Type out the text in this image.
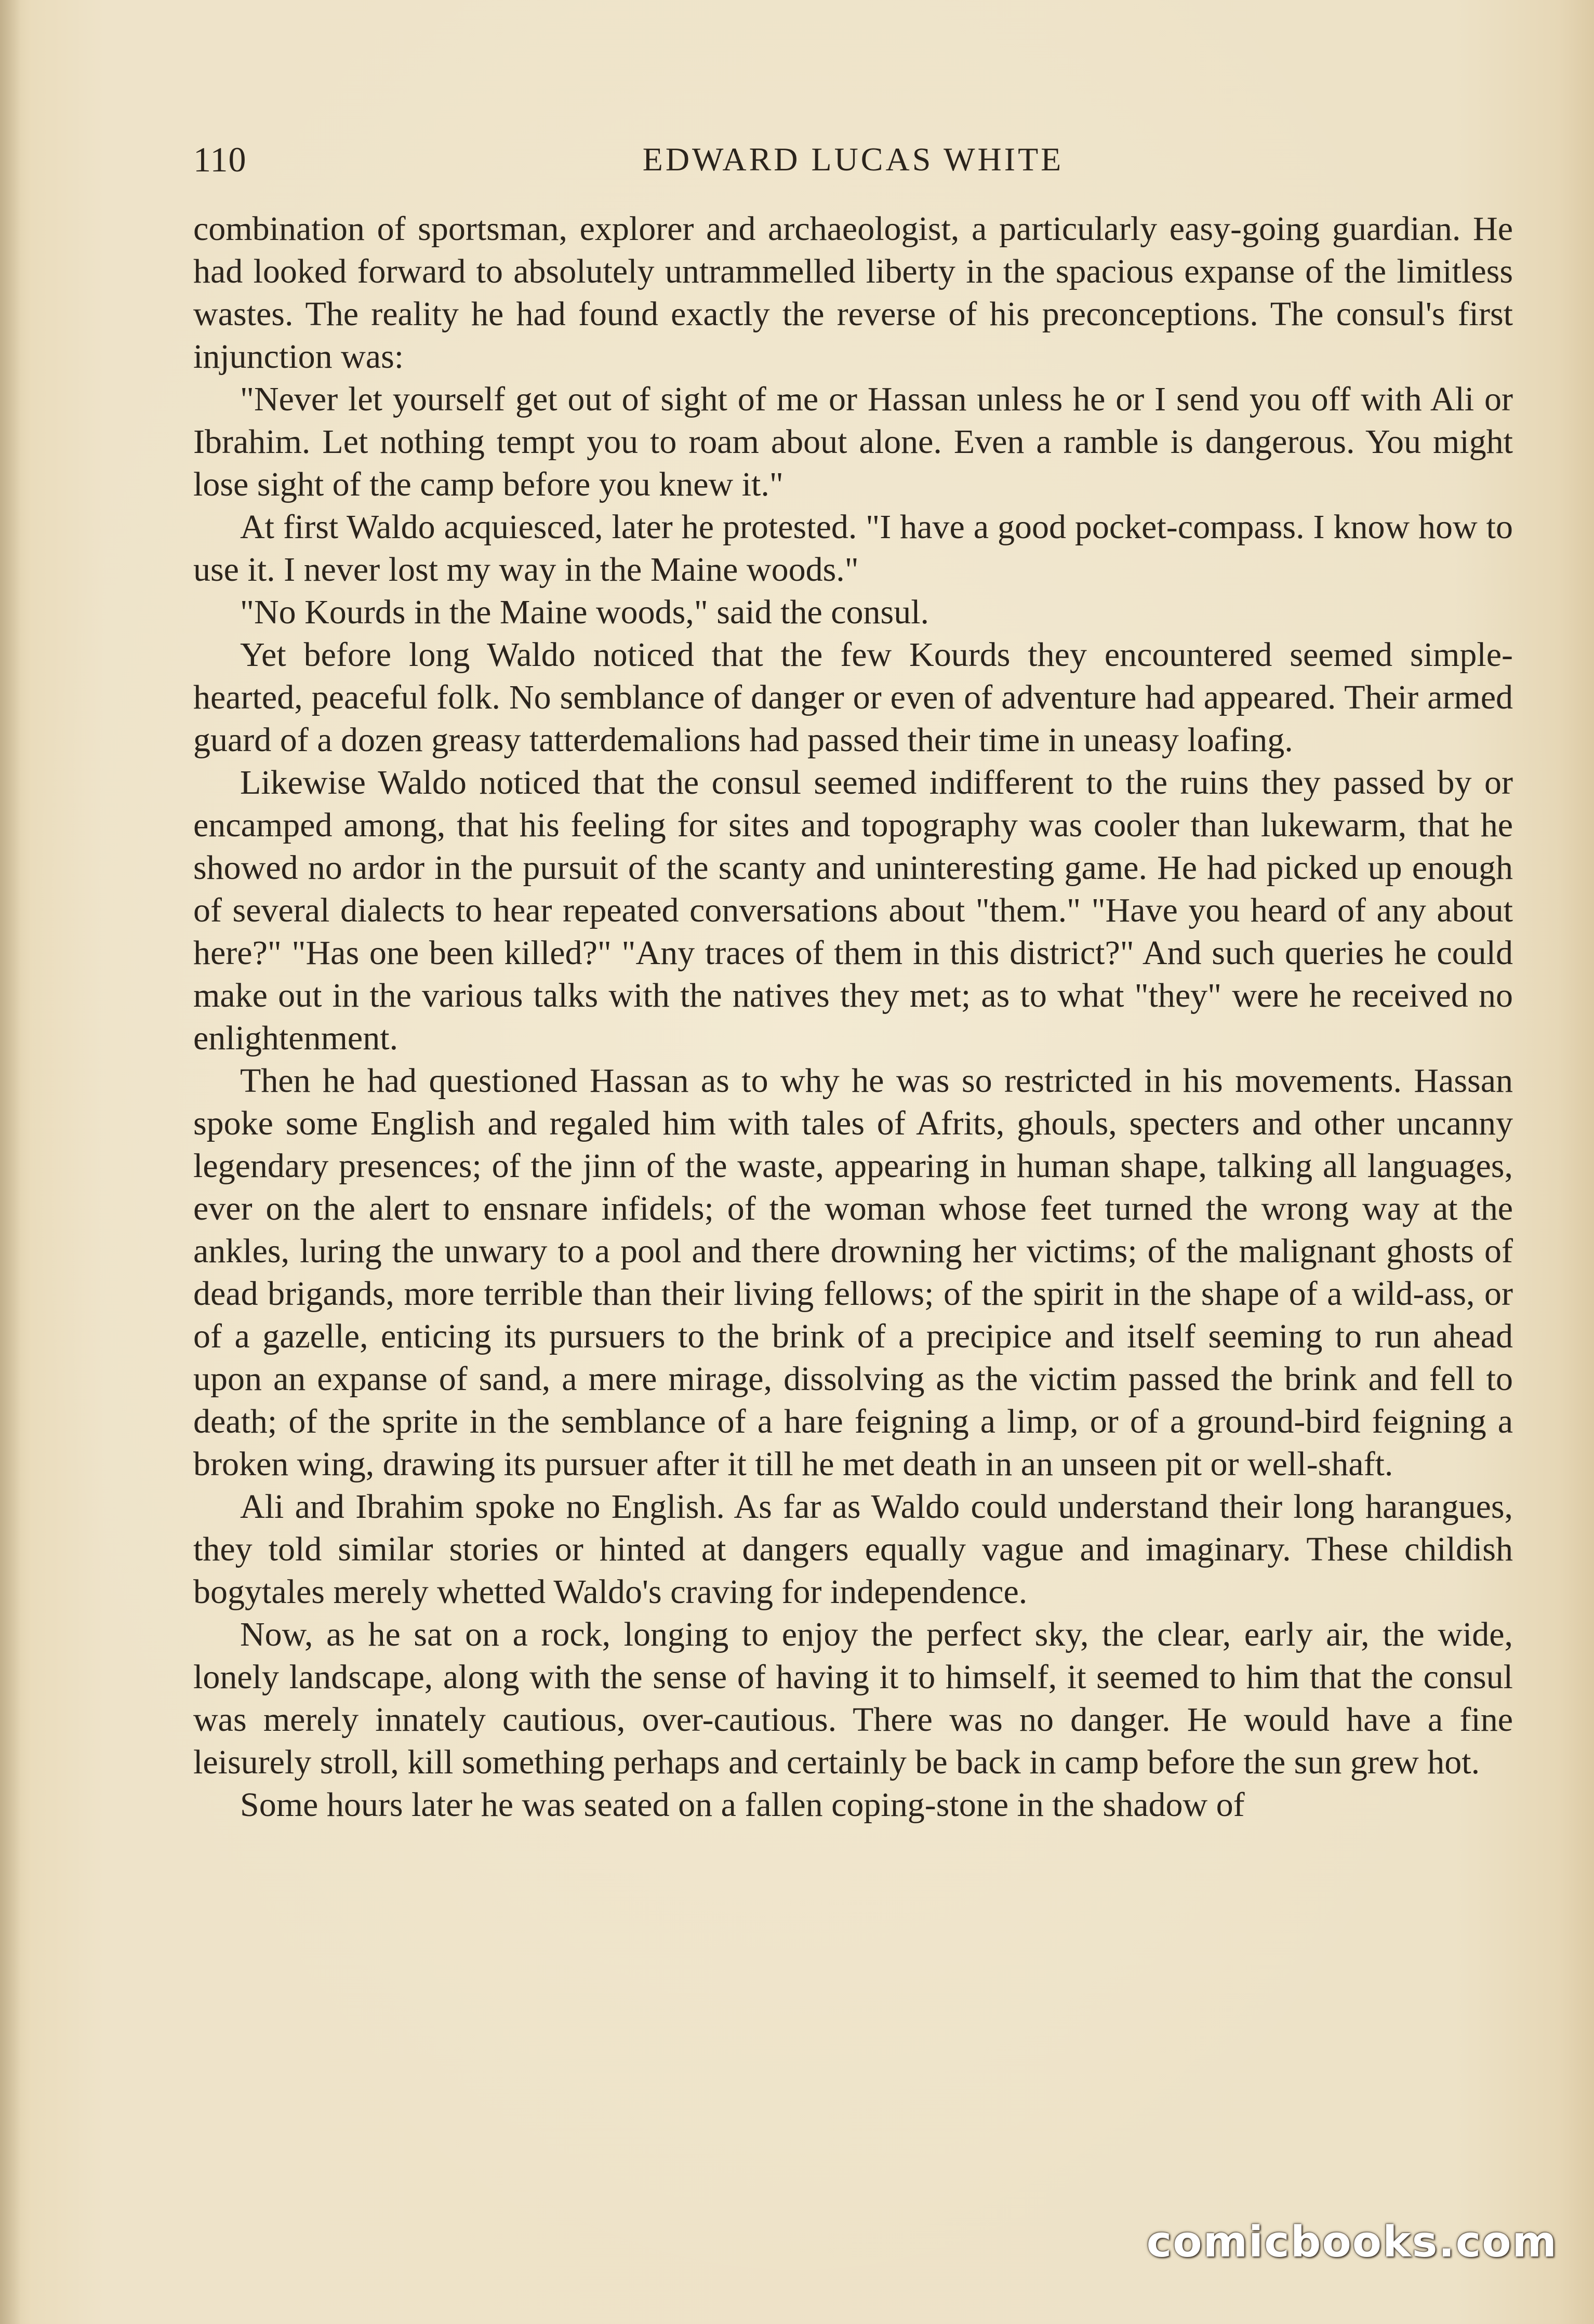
110	EDWARD LUCAS WHITE

combination of sportsman, explorer and archaeologist, a particularly easy-going guardian. He had looked forward to absolutely untrammelled liberty in the spacious expanse of the limitless wastes. The reality he had found exactly the reverse of his preconceptions. The consul's first injunction was:

"Never let yourself get out of sight of me or Hassan unless he or I send you off with Ali or Ibrahim. Let nothing tempt you to roam about alone. Even a ramble is dangerous. You might lose sight of the camp before you knew it."

At first Waldo acquiesced, later he protested. "I have a good pocket-compass. I know how to use it. I never lost my way in the Maine woods."

"No Kourds in the Maine woods," said the consul.

Yet before long Waldo noticed that the few Kourds they encountered seemed simple-hearted, peaceful folk. No semblance of danger or even of adventure had appeared. Their armed guard of a dozen greasy tatterdemalions had passed their time in uneasy loafing.

Likewise Waldo noticed that the consul seemed indifferent to the ruins they passed by or encamped among, that his feeling for sites and topography was cooler than lukewarm, that he showed no ardor in the pursuit of the scanty and uninteresting game. He had picked up enough of several dialects to hear repeated conversations about "them." "Have you heard of any about here?" "Has one been killed?" "Any traces of them in this district?" And such queries he could make out in the various talks with the natives they met; as to what "they" were he received no enlightenment.

Then he had questioned Hassan as to why he was so restricted in his movements. Hassan spoke some English and regaled him with tales of Afrits, ghouls, specters and other uncanny legendary presences; of the jinn of the waste, appearing in human shape, talking all languages, ever on the alert to ensnare infidels; of the woman whose feet turned the wrong way at the ankles, luring the unwary to a pool and there drowning her victims; of the malignant ghosts of dead brigands, more terrible than their living fellows; of the spirit in the shape of a wild-ass, or of a gazelle, enticing its pursuers to the brink of a precipice and itself seeming to run ahead upon an expanse of sand, a mere mirage, dissolving as the victim passed the brink and fell to death; of the sprite in the semblance of a hare feigning a limp, or of a ground-bird feigning a broken wing, drawing its pursuer after it till he met death in an unseen pit or well-shaft.

Ali and Ibrahim spoke no English. As far as Waldo could understand their long harangues, they told similar stories or hinted at dangers equally vague and imaginary. These childish bogytales merely whetted Waldo's craving for independence.

Now, as he sat on a rock, longing to enjoy the perfect sky, the clear, early air, the wide, lonely landscape, along with the sense of having it to himself, it seemed to him that the consul was merely innately cautious, over-cautious. There was no danger. He would have a fine leisurely stroll, kill something perhaps and certainly be back in camp before the sun grew hot.

Some hours later he was seated on a fallen coping-stone in the shadow of

comicbooks.com
